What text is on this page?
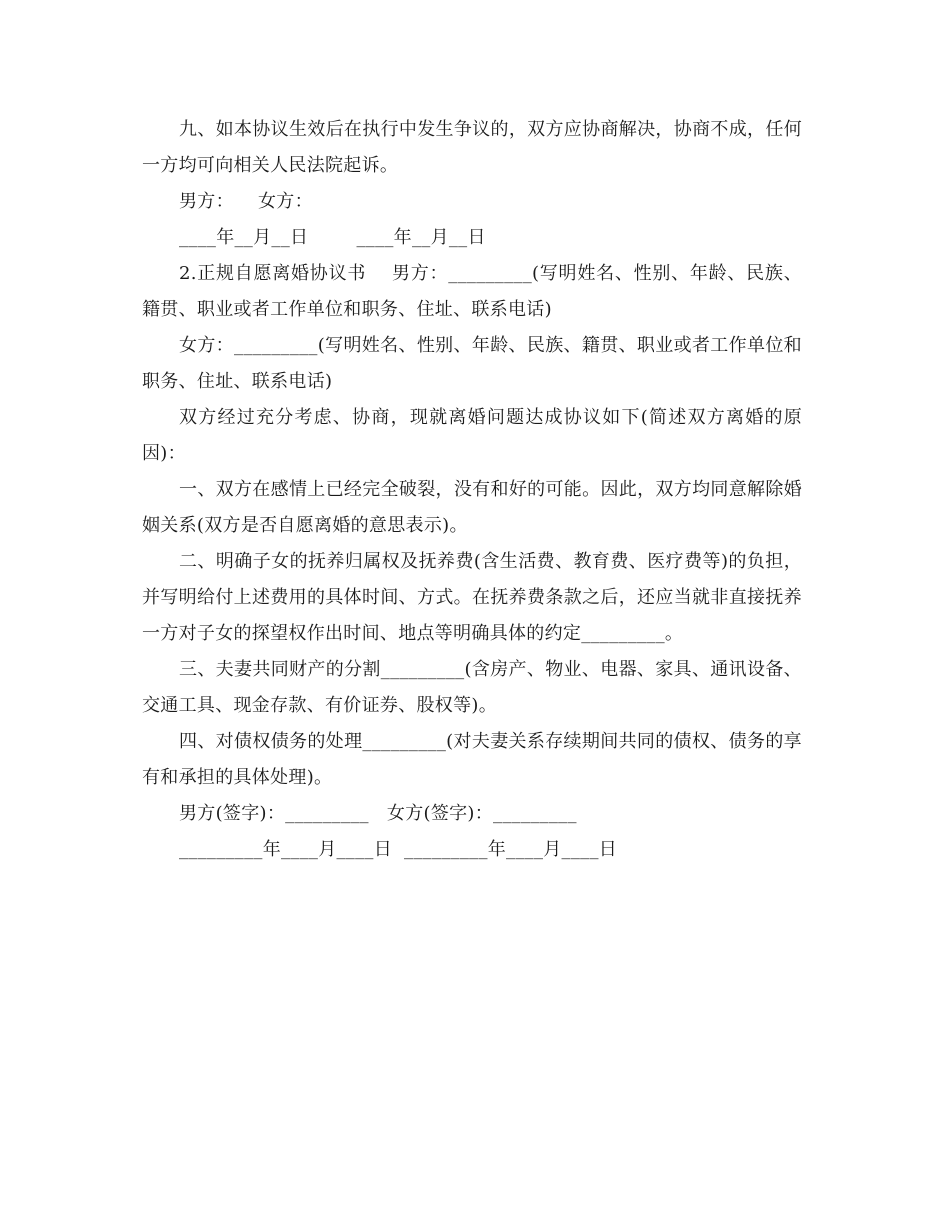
九、如本协议生效后在执行中发生争议的，双方应协商解决，协商不成，任何一方均可向相关人民法院起诉。

男方：    女方：

____年__月__日        ____年__月__日

2.正规自愿离婚协议书    男方：_________(写明姓名、性别、年龄、民族、籍贯、职业或者工作单位和职务、住址、联系电话)

女方：_________(写明姓名、性别、年龄、民族、籍贯、职业或者工作单位和职务、住址、联系电话)

双方经过充分考虑、协商，现就离婚问题达成协议如下(简述双方离婚的原因)：

一、双方在感情上已经完全破裂，没有和好的可能。因此，双方均同意解除婚姻关系(双方是否自愿离婚的意思表示)。

二、明确子女的抚养归属权及抚养费(含生活费、教育费、医疗费等)的负担，并写明给付上述费用的具体时间、方式。在抚养费条款之后，还应当就非直接抚养一方对子女的探望权作出时间、地点等明确具体的约定_________。

三、夫妻共同财产的分割_________(含房产、物业、电器、家具、通讯设备、交通工具、现金存款、有价证券、股权等)。

四、对债权债务的处理_________(对夫妻关系存续期间共同的债权、债务的享有和承担的具体处理)。

男方(签字)：_________   女方(签字)：_________

_________年____月____日  _________年____月____日
